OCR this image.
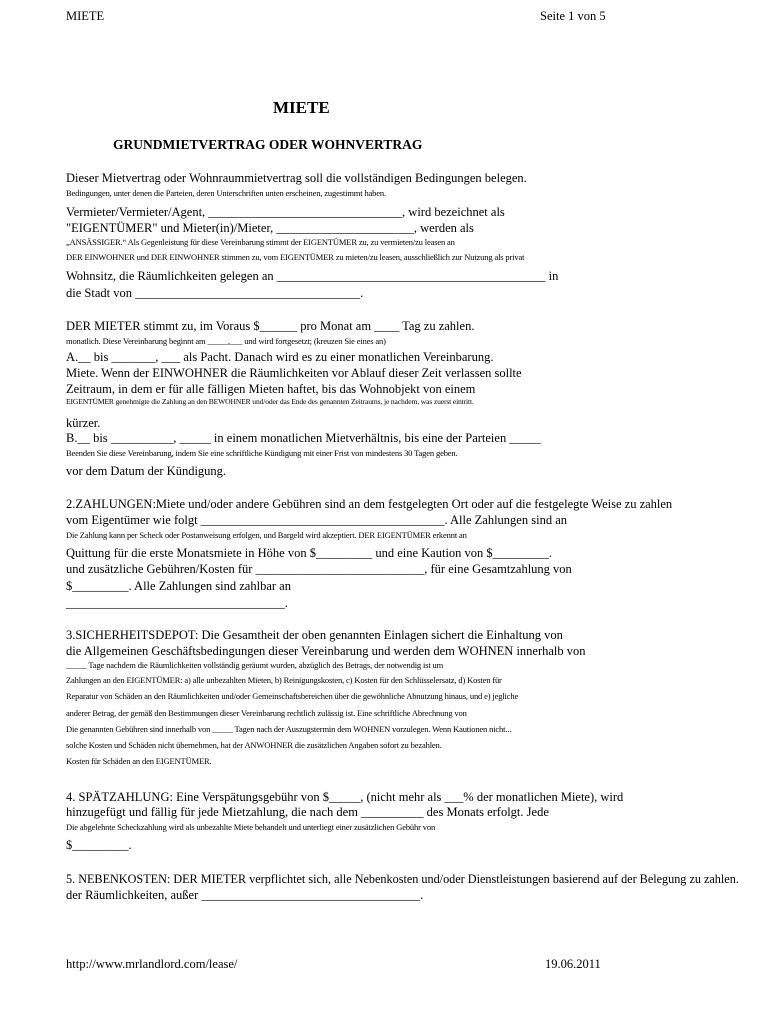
MIETE	Seite 1 von 5
MIETE
GRUNDMIETVERTRAG ODER WOHNVERTRAG
Dieser Mietvertrag oder Wohnraummietvertrag soll die vollständigen Bedingungen belegen.
Bedingungen, unter denen die Parteien, deren Unterschriften unten erscheinen, zugestimmt haben.
Vermieter/Vermieter/Agent, _______________________________, wird bezeichnet als
"EIGENTÜMER" und Mieter(in)/Mieter, ______________________, werden als
„ANSÄSSIGER.“ Als Gegenleistung für diese Vereinbarung stimmt der EIGENTÜMER zu, zu vermieten/zu leasen an
DER EINWOHNER und DER EINWOHNER stimmen zu, vom EIGENTÜMER zu mieten/zu leasen, ausschließlich zur Nutzung als privat
Wohnsitz, die Räumlichkeiten gelegen an ___________________________________________ in
die Stadt von ____________________________________.
DER MIETER stimmt zu, im Voraus $______ pro Monat am ____ Tag zu zahlen.
monatlich. Diese Vereinbarung beginnt am _____,___ und wird fortgesetzt; (kreuzen Sie eines an)
A.__ bis _______, ___ als Pacht. Danach wird es zu einer monatlichen Vereinbarung.
Miete. Wenn der EINWOHNER die Räumlichkeiten vor Ablauf dieser Zeit verlassen sollte
Zeitraum, in dem er für alle fälligen Mieten haftet, bis das Wohnobjekt von einem
EIGENTÜMER genehmigte die Zahlung an den BEWOHNER und/oder das Ende des genannten Zeitraums, je nachdem, was zuerst eintritt.
kürzer.
B.__ bis __________, _____ in einem monatlichen Mietverhältnis, bis eine der Parteien _____
Beenden Sie diese Vereinbarung, indem Sie eine schriftliche Kündigung mit einer Frist von mindestens 30 Tagen geben.
vor dem Datum der Kündigung.
2.ZAHLUNGEN:Miete und/oder andere Gebühren sind an dem festgelegten Ort oder auf die festgelegte Weise zu zahlen
vom Eigentümer wie folgt _______________________________________. Alle Zahlungen sind an
Die Zahlung kann per Scheck oder Postanweisung erfolgen, und Bargeld wird akzeptiert. DER EIGENTÜMER erkennt an
Quittung für die erste Monatsmiete in Höhe von $_________ und eine Kaution von $_________.
und zusätzliche Gebühren/Kosten für ___________________________, für eine Gesamtzahlung von
$_________. Alle Zahlungen sind zahlbar an
___________________________________.
3.SICHERHEITSDEPOT: Die Gesamtheit der oben genannten Einlagen sichert die Einhaltung von
die Allgemeinen Geschäftsbedingungen dieser Vereinbarung und werden dem WOHNEN innerhalb von
_____ Tage nachdem die Räumlichkeiten vollständig geräumt wurden, abzüglich des Betrags, der notwendig ist um
Zahlungen an den EIGENTÜMER: a) alle unbezahlten Mieten, b) Reinigungskosten, c) Kosten für den Schlüsselersatz, d) Kosten für
Reparatur von Schäden an den Räumlichkeiten und/oder Gemeinschaftsbereichen über die gewöhnliche Abnutzung hinaus, und e) jegliche
anderer Betrag, der gemäß den Bestimmungen dieser Vereinbarung rechtlich zulässig ist. Eine schriftliche Abrechnung von
Die genannten Gebühren sind innerhalb von _____ Tagen nach der Auszugstermin dem WOHNEN vorzulegen. Wenn Kautionen nicht...
solche Kosten und Schäden nicht übernehmen, hat der ANWOHNER die zusätzlichen Angaben sofort zu bezahlen.
Kosten für Schäden an den EIGENTÜMER.
4. SPÄTZAHLUNG: Eine Verspätungsgebühr von $_____, (nicht mehr als ___% der monatlichen Miete), wird
hinzugefügt und fällig für jede Mietzahlung, die nach dem __________ des Monats erfolgt. Jede
Die abgelehnte Scheckzahlung wird als unbezahlte Miete behandelt und unterliegt einer zusätzlichen Gebühr von
$_________.
5. NEBENKOSTEN: DER MIETER verpflichtet sich, alle Nebenkosten und/oder Dienstleistungen basierend auf der Belegung zu zahlen.
der Räumlichkeiten, außer ___________________________________.
http://www.mrlandlord.com/lease/	19.06.2011
